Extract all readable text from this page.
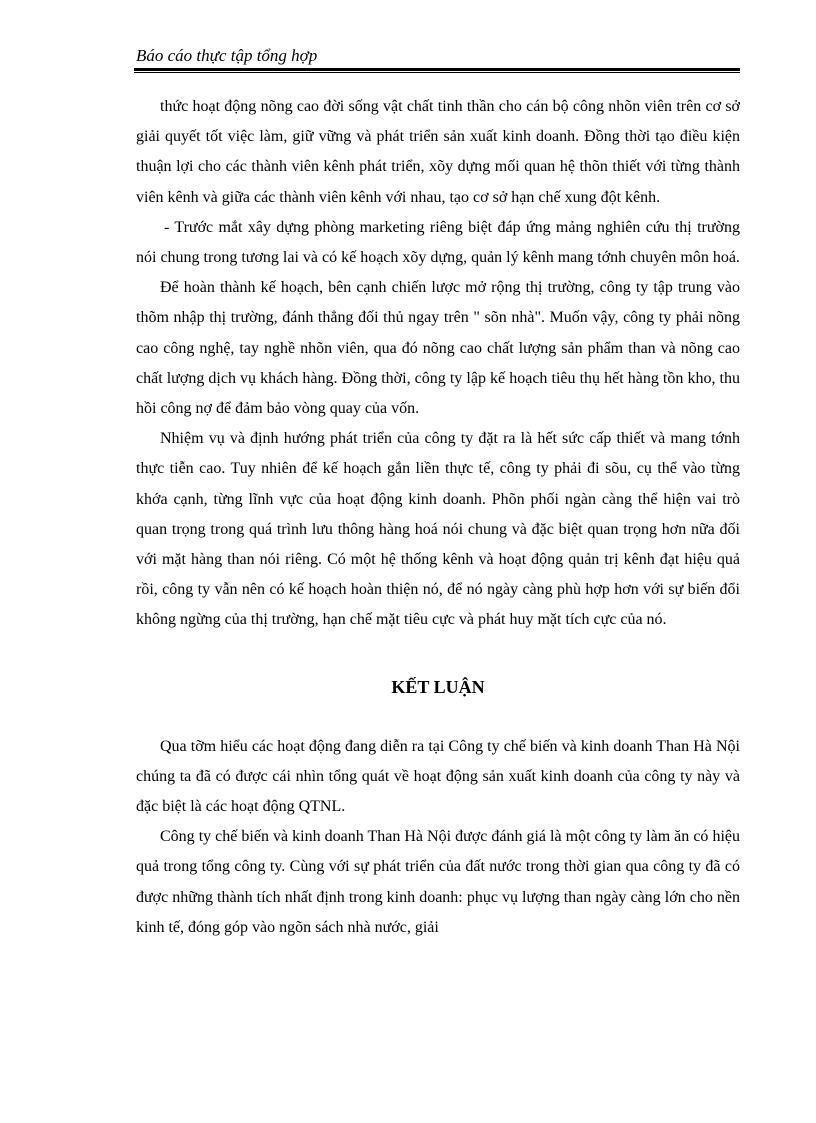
Báo cáo thực tập tổng hợp

thức hoạt động nõng cao đời sống vật chất tinh thần cho cán bộ công nhõn viên trên cơ sở giải quyết tốt việc làm, giữ vững và phát triển sản xuất kinh doanh. Đồng thời tạo điều kiện thuận lợi cho các thành viên kênh phát triển, xõy dựng mối quan hệ thõn thiết với từng thành viên kênh và giữa các thành viên kênh với nhau, tạo cơ sở hạn chế xung đột kênh.

- Trước mắt xây dựng phòng marketing riêng biệt đáp ứng mảng nghiên cứu thị trường nói chung trong tương lai và có kế hoạch xõy dựng, quản lý kênh mang tớnh chuyên môn hoá.

Để hoàn thành kế hoạch, bên cạnh chiến lược mở rộng thị trường, công ty tập trung vào thõm nhập thị trường, đánh thẳng đối thủ ngay trên " sõn nhà". Muốn vậy, công ty phải nõng cao công nghệ, tay nghề nhõn viên, qua đó nõng cao chất lượng sản phẩm than và nõng cao chất lượng dịch vụ khách hàng. Đồng thời, công ty lập kế hoạch tiêu thụ hết hàng tồn kho, thu hồi công nợ để đảm bảo vòng quay của vốn.

Nhiệm vụ và định hướng phát triển của công ty đặt ra là hết sức cấp thiết và mang tớnh thực tiễn cao. Tuy nhiên để kế hoạch gắn liền thực tế, công ty phải đi sõu, cụ thể vào từng khớa cạnh, từng lĩnh vực của hoạt động kinh doanh. Phõn phối ngàn càng thể hiện vai trò quan trọng trong quá trình lưu thông hàng hoá nói chung và đặc biệt quan trọng hơn nữa đối với mặt hàng than nói riêng. Có một hệ thống kênh và hoạt động quản trị kênh đạt hiệu quả rồi, công ty vẫn nên có kế hoạch hoàn thiện nó, để nó ngày càng phù hợp hơn với sự biến đổi không ngừng của thị trường, hạn chế mặt tiêu cực và phát huy mặt tích cực của nó.

KẾT LUẬN

Qua tỡm hiểu các hoạt động đang diễn ra tại Công ty chế biến và kinh doanh Than Hà Nội chúng ta đã có được cái nhìn tổng quát về hoạt động sản xuất kinh doanh của công ty này và đặc biệt là các hoạt động QTNL.

Công ty chế biến và kinh doanh Than Hà Nội được đánh giá là một công ty làm ăn có hiệu quả trong tổng công ty. Cùng với sự phát triển của đất nước trong thời gian qua công ty đã có được những thành tích nhất định trong kinh doanh: phục vụ lượng than ngày càng lớn cho nền kinh tế, đóng góp vào ngõn sách nhà nước, giải
